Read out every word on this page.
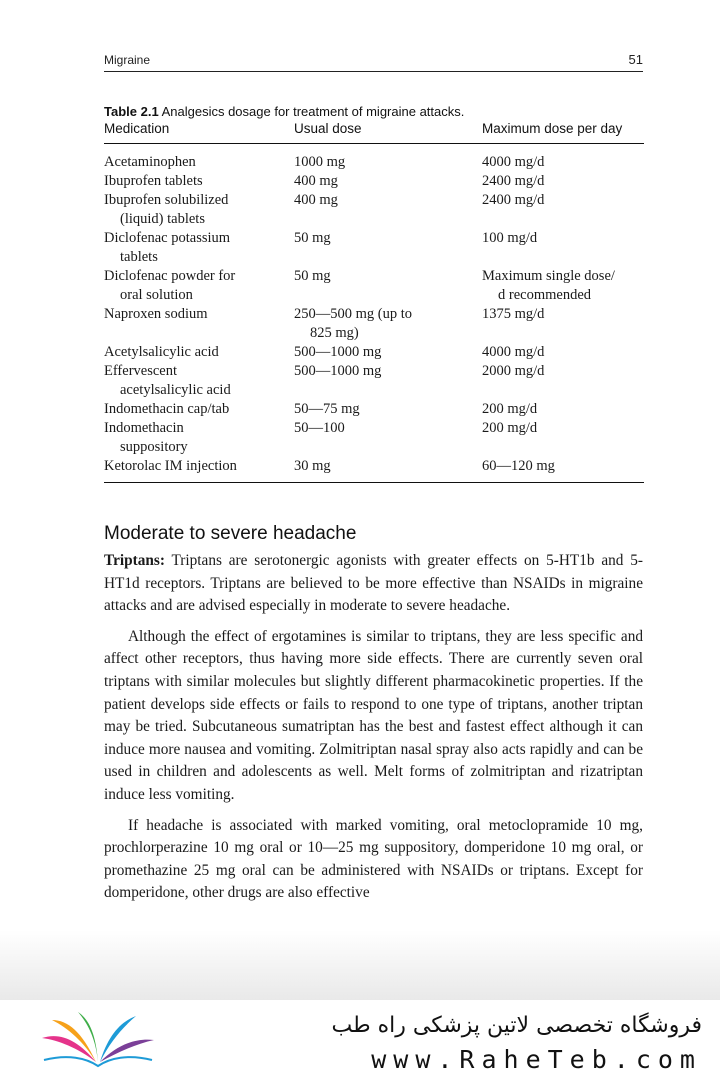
Migraine	51
Table 2.1 Analgesics dosage for treatment of migraine attacks.
Medication	Usual dose	Maximum dose per day

Acetaminophen	1000 mg	4000 mg/d

Ibuprofen tablets	400 mg	2400 mg/d

Ibuprofen solubilized
(liquid) tablets	400 mg	2400 mg/d

Diclofenac potassium
tablets	50 mg	100 mg/d

Diclofenac powder for
oral solution	50 mg	Maximum single dose/
d recommended

Naproxen sodium	250—500 mg (up to
825 mg)	1375 mg/d

Acetylsalicylic acid	500—1000 mg	4000 mg/d

Effervescent
acetylsalicylic acid	500—1000 mg	2000 mg/d

Indomethacin cap/tab	50—75 mg	200 mg/d

Indomethacin
suppository	50—100	200 mg/d

Ketorolac IM injection	30 mg	60—120 mg
Moderate to severe headache

Triptans: Triptans are serotonergic agonists with greater effects on 5-HT1b and 5-HT1d receptors. Triptans are believed to be more effective than NSAIDs in migraine attacks and are advised especially in moderate to severe headache.

Although the effect of ergotamines is similar to triptans, they are less specific and affect other receptors, thus having more side effects. There are currently seven oral triptans with similar molecules but slightly different pharmacokinetic properties. If the patient develops side effects or fails to respond to one type of triptans, another triptan may be tried. Subcutaneous sumatriptan has the best and fastest effect although it can induce more nausea and vomiting. Zolmitriptan nasal spray also acts rapidly and can be used in children and adolescents as well. Melt forms of zolmitriptan and rizatriptan induce less vomiting.

If headache is associated with marked vomiting, oral metoclopramide 10 mg, prochlorperazine 10 mg oral or 10—25 mg suppository, domperidone 10 mg oral, or promethazine 25 mg oral can be administered with NSAIDs or triptans. Except for domperidone, other drugs are also effective

فروشگاه تخصصی لاتین پزشکی راه طب
www.RaheTeb.com
